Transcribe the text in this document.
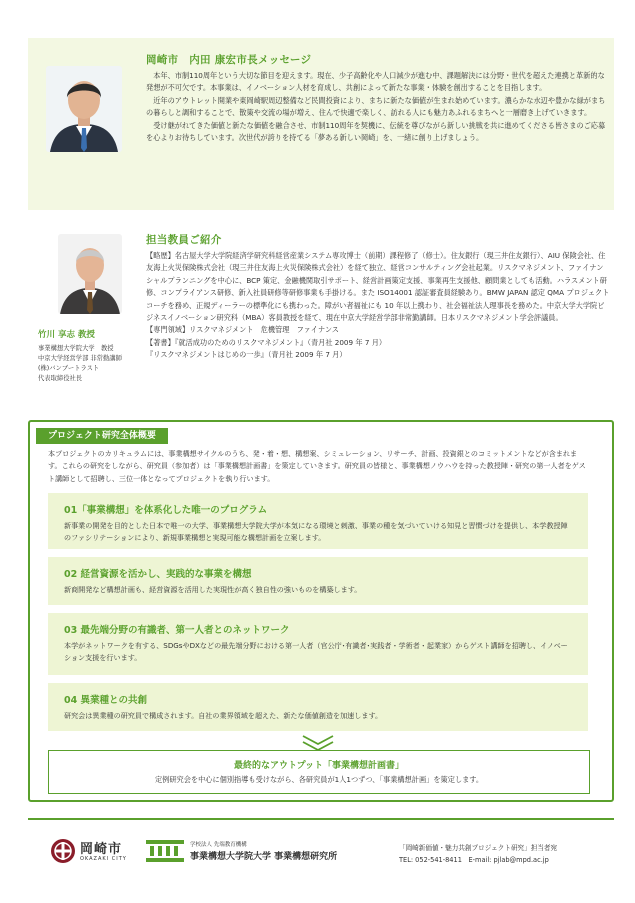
岡崎市　内田 康宏市長メッセージ

本年、市制110周年という大切な節目を迎えます。現在、少子高齢化や人口減少が進む中、課題解決には分野・世代を超えた連携と革新的な発想が不可欠です。本事業は、イノベーション人材を育成し、共創によって新たな事業・体験を創出することを目指します。

近年のアウトレット開業や東岡崎駅周辺整備など民間投資により、まちに新たな価値が生まれ始めています。濃らかな水辺や豊かな緑がまちの暮らしと調和することで、散策や交流の場が増え、住んで快適で楽しく、訪れる人にも魅力あふれるまちへと一層磨き上げていきます。

受け継がれてきた価値と新たな価値を融合させ、市制110周年を契機に、伝統を尊びながら新しい挑戦を共に進めてくださる皆さまのご応募を心よりお待ちしています。次世代が誇りを持てる「夢ある新しい岡崎」を、一緒に創り上げましょう。

竹川 享志 教授
事業構想大学院大学　教授
中京大学経営学部 非常勤講師
(株)バンブートラスト
代表取締役社長
担当教員ご紹介

【略歴】名古屋大学大学院経済学研究科経営産業システム専攻博士（前期）課程修了（修士）。住友銀行（現三井住友銀行）、AIU 保険会社、住友海上火災保険株式会社（現三井住友海上火災保険株式会社）を経て独立、経営コンサルティング会社起業。リスクマネジメント、ファイナンシャルプランニングを中心に、BCP 策定、金融機関取引サポート、経営計画策定支援、事業再生支援他、顧問業としても活動。ハラスメント研修、コンプライアンス研修、新入社員研修等研修事業も手掛ける。また ISO14001 認証審査員経験あり。BMW JAPAN 認定 QMA プロジェクトコーチを務め、正規ディーラーの標準化にも携わった。障がい者福祉にも 10 年以上携わり、社会福祉法人理事長を務めた。中京大学大学院ビジネスイノベーション研究科（MBA）客員教授を経て、現在中京大学経営学部非常勤講師。日本リスクマネジメント学会評議員。

【専門領域】リスクマネジメント　危機管理　ファイナンス

【著書】『就活成功のためのリスクマネジメント』（青月社 2009 年 7 月）

『リスクマネジメントはじめの一歩』（青月社 2009 年 7 月）

プロジェクト研究全体概要

本プロジェクトのカリキュラムには、事業構想サイクルのうち、発・着・想、構想案、シミュレーション、リサーチ、計画、投資銀とのコミットメントなどが含まれます。これらの研究をしながら、研究員（参加者）は「事業構想計画書」を策定していきます。研究員の皆様と、事業構想ノウハウを持った教授陣・研究の第一人者をゲスト講師として招聘し、三位一体となってプロジェクトを執り行います。

01「事業構想」を体系化した唯一のプログラム

新事業の開発を目的とした日本で唯一の大学、事業構想大学院大学が本気になる環境と刺激、事業の種を気づいていける知見と習慣づけを提供し、本学教授陣のファシリテーションにより、新規事業構想と実現可能な構想計画を立案します。

02 経営資源を活かし、実践的な事業を構想

新商開発など構想計画も、経営資源を活用した実現性が高く独自性の強いものを構築します。

03 最先端分野の有識者、第一人者とのネットワーク

本学がネットワークを有する、SDGsやDXなどの最先端分野における第一人者（官公庁･有識者･実践者・学術者・起業家）からゲスト講師を招聘し、イノベーション支援を行います。

04 異業種との共創

研究会は異業種の研究員で構成されます。自社の業界領域を超えた、新たな価値創造を加速します。

最終的なアウトプット「事業構想計画書」
定例研究会を中心に個別指導も受けながら、各研究員が1人1つずつ、「事業構想計画」を策定します。
岡崎市
OKAZAKI CITY
学校法人 先端教育機構
事業構想大学院大学 事業構想研究所
「岡崎新価値・魅力共創プロジェクト研究」担当者宛
TEL: 052-541-8411　E-mail: pjlab@mpd.ac.jp
